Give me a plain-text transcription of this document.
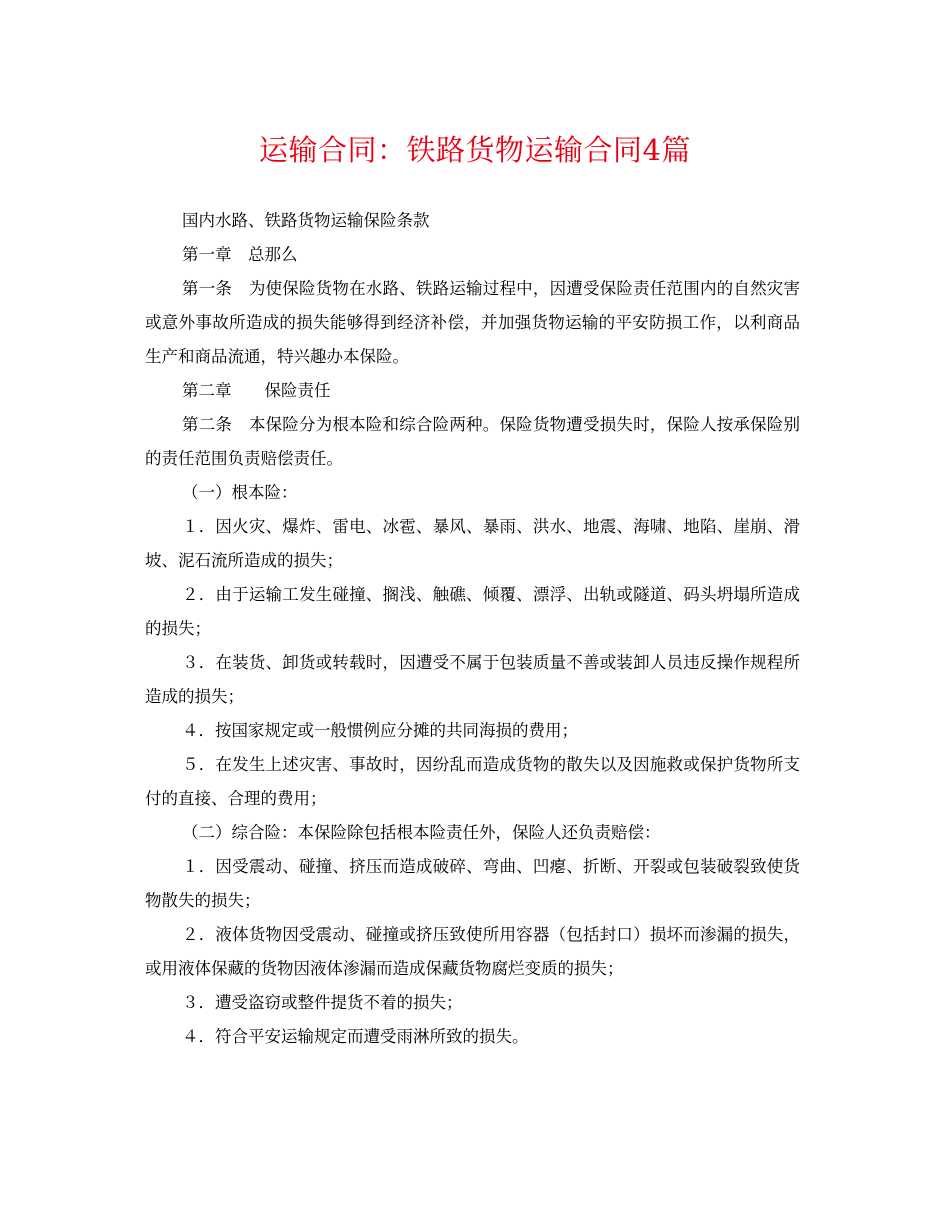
运输合同：铁路货物运输合同4篇

国内水路、铁路货物运输保险条款

第一章　总那么

第一条　为使保险货物在水路、铁路运输过程中，因遭受保险责任范围内的自然灾害或意外事故所造成的损失能够得到经济补偿，并加强货物运输的平安防损工作，以利商品生产和商品流通，特兴趣办本保险。

第二章　　保险责任

第二条　本保险分为根本险和综合险两种。保险货物遭受损失时，保险人按承保险别的责任范围负责赔偿责任。

（一）根本险：

１．因火灾、爆炸、雷电、冰雹、暴风、暴雨、洪水、地震、海啸、地陷、崖崩、滑坡、泥石流所造成的损失；

２．由于运输工发生碰撞、搁浅、触礁、倾覆、漂浮、出轨或隧道、码头坍塌所造成的损失；

３．在装货、卸货或转载时，因遭受不属于包装质量不善或装卸人员违反操作规程所造成的损失；

４．按国家规定或一般惯例应分摊的共同海损的费用；

５．在发生上述灾害、事故时，因纷乱而造成货物的散失以及因施救或保护货物所支付的直接、合理的费用；

（二）综合险：本保险除包括根本险责任外，保险人还负责赔偿：

１．因受震动、碰撞、挤压而造成破碎、弯曲、凹瘪、折断、开裂或包装破裂致使货物散失的损失；

２．液体货物因受震动、碰撞或挤压致使所用容器（包括封口）损坏而渗漏的损失，或用液体保藏的货物因液体渗漏而造成保藏货物腐烂变质的损失；

３．遭受盗窃或整件提货不着的损失；

４．符合平安运输规定而遭受雨淋所致的损失。
